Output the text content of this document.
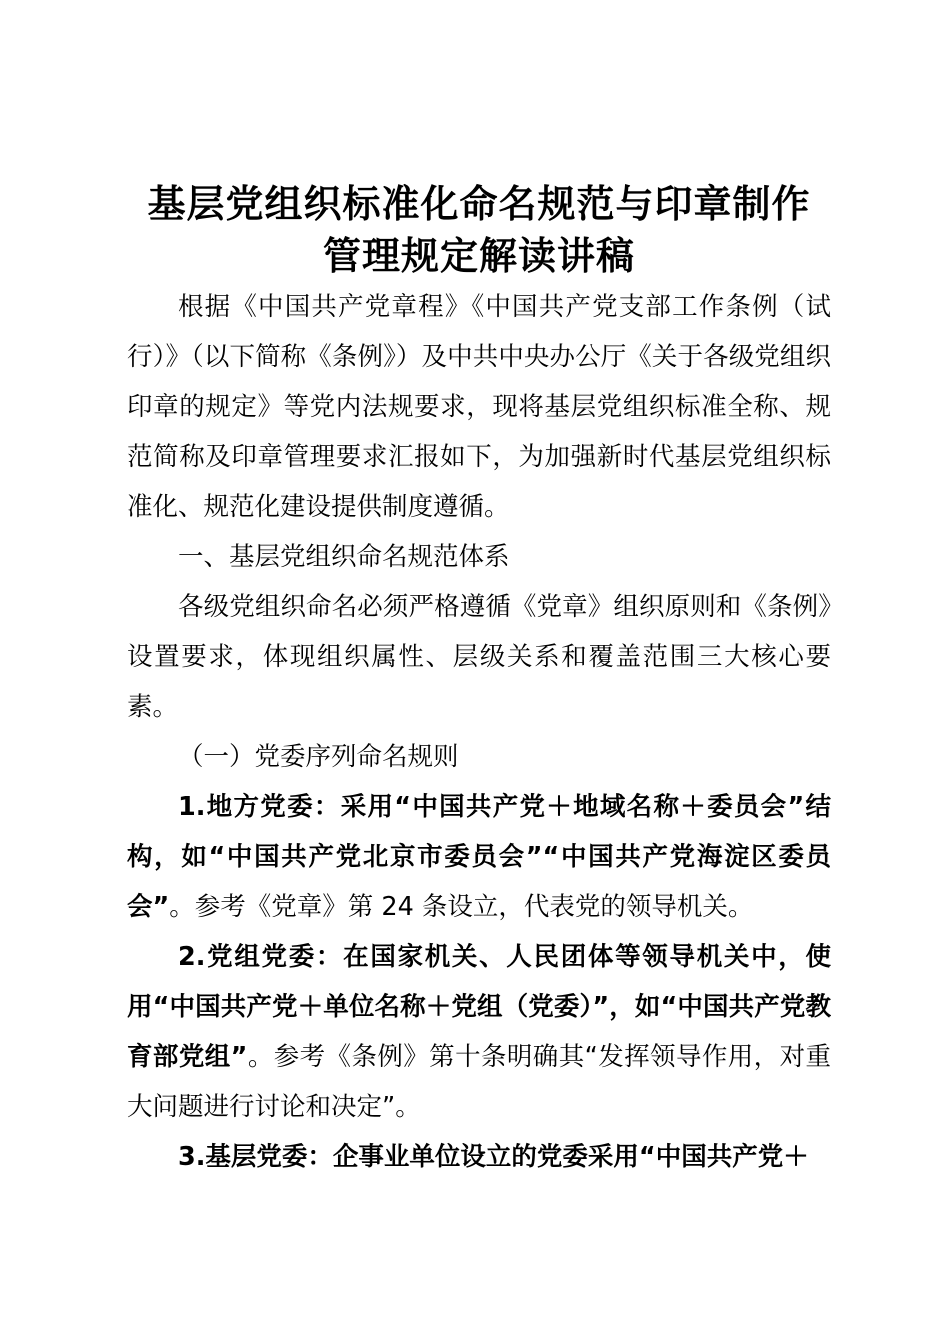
基层党组织标准化命名规范与印章制作
管理规定解读讲稿

根据《中国共产党章程》《中国共产党支部工作条例（试行）》（以下简称《条例》）及中共中央办公厅《关于各级党组织印章的规定》等党内法规要求，现将基层党组织标准全称、规范简称及印章管理要求汇报如下，为加强新时代基层党组织标准化、规范化建设提供制度遵循。

一、基层党组织命名规范体系

各级党组织命名必须严格遵循《党章》组织原则和《条例》设置要求，体现组织属性、层级关系和覆盖范围三大核心要素。

（一）党委序列命名规则

1.地方党委：采用“中国共产党＋地域名称＋委员会”结构，如“中国共产党北京市委员会”“中国共产党海淀区委员会”。参考《党章》第 24 条设立，代表党的领导机关。

2.党组党委：在国家机关、人民团体等领导机关中，使用“中国共产党＋单位名称＋党组（党委）”，如“中国共产党教育部党组”。参考《条例》第十条明确其“发挥领导作用，对重大问题进行讨论和决定”。

3.基层党委：企事业单位设立的党委采用“中国共产党＋
